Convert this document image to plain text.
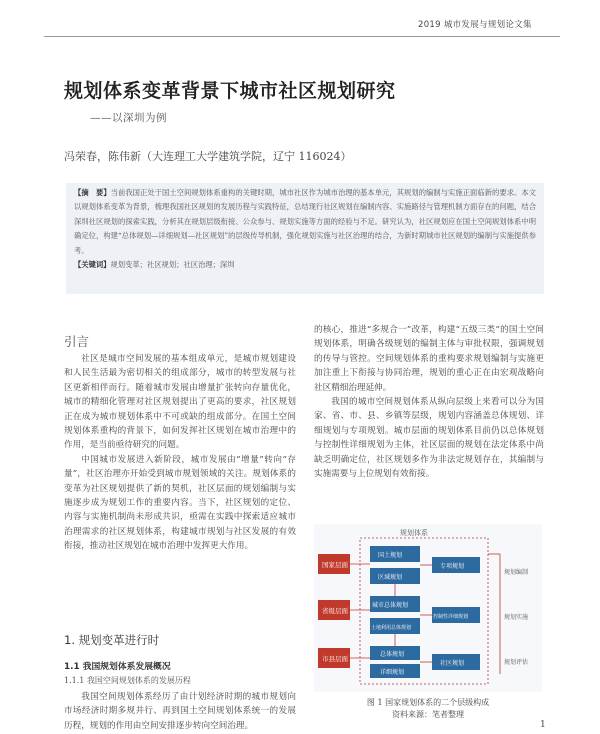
2019 城市发展与规划论文集
规划体系变革背景下城市社区规划研究
——以深圳为例
冯荣春，陈伟新（大连理工大学建筑学院，辽宁 116024）
【摘　要】当前我国正处于国土空间规划体系重构的关键时期，城市社区作为城市治理的基本单元，其规划的编制与实施正面临新的要求。本文以规划体系变革为背景，梳理我国社区规划的发展历程与实践特征，总结现行社区规划在编制内容、实施路径与管理机制方面存在的问题，结合深圳社区规划的探索实践，分析其在规划层级衔接、公众参与、规划实施等方面的经验与不足。研究认为，社区规划应在国土空间规划体系中明确定位，构建“总体规划—详细规划—社区规划”的层级传导机制，强化规划实施与社区治理的结合，为新时期城市社区规划的编制与实施提供参考。
【关键词】规划变革；社区规划；社区治理；深圳
引言

社区是城市空间发展的基本组成单元，是城市规划建设和人民生活最为密切相关的组成部分，城市的转型发展与社区更新相伴而行。随着城市发展由增量扩张转向存量优化，城市的精细化管理对社区规划提出了更高的要求，社区规划正在成为城市规划体系中不可或缺的组成部分。在国土空间规划体系重构的背景下，如何发挥社区规划在城市治理中的作用，是当前亟待研究的问题。

中国城市发展进入新阶段，城市发展由“增量”转向“存量”，社区治理亦开始受到城市规划领域的关注。规划体系的变革为社区规划提供了新的契机，社区层面的规划编制与实施逐步成为规划工作的重要内容。当下，社区规划的定位、内容与实施机制尚未形成共识，亟需在实践中探索适应城市治理需求的社区规划体系，构建城市规划与社区发展的有效衔接，推动社区规划在城市治理中发挥更大作用。

1. 规划变革进行时
1.1 我国规划体系发展概况
1.1.1 我国空间规划体系的发展历程

我国空间规划体系经历了由计划经济时期的城市规划向市场经济时期多规并行、再到国土空间规划体系统一的发展历程，规划的作用由空间安排逐步转向空间治理。

的核心，推进“多规合一”改革，构建“五级三类”的国土空间规划体系，明确各级规划的编制主体与审批权限，强调规划的传导与管控。空间规划体系的重构要求规划编制与实施更加注重上下衔接与协同治理，规划的重心正在由宏观战略向社区精细治理延伸。

我国的城市空间规划体系从纵向层级上来看可以分为国家、省、市、县、乡镇等层级，规划内容涵盖总体规划、详细规划与专项规划。城市层面的规划体系目前仍以总体规划与控制性详细规划为主体，社区层面的规划在法定体系中尚缺乏明确定位，社区规划多作为非法定规划存在，其编制与实施需要与上位规划有效衔接。

规划体系
国家层面
省级层面
市县层面
国土规划
区域规划
专项规划
城市总体规划
土地利用总体规划
控制性详细规划
总体规划
详细规划
社区规划
规划编制
规划实施
规划评估
图 1 国家规划体系的二个层级构成
资料来源：笔者整理
1
